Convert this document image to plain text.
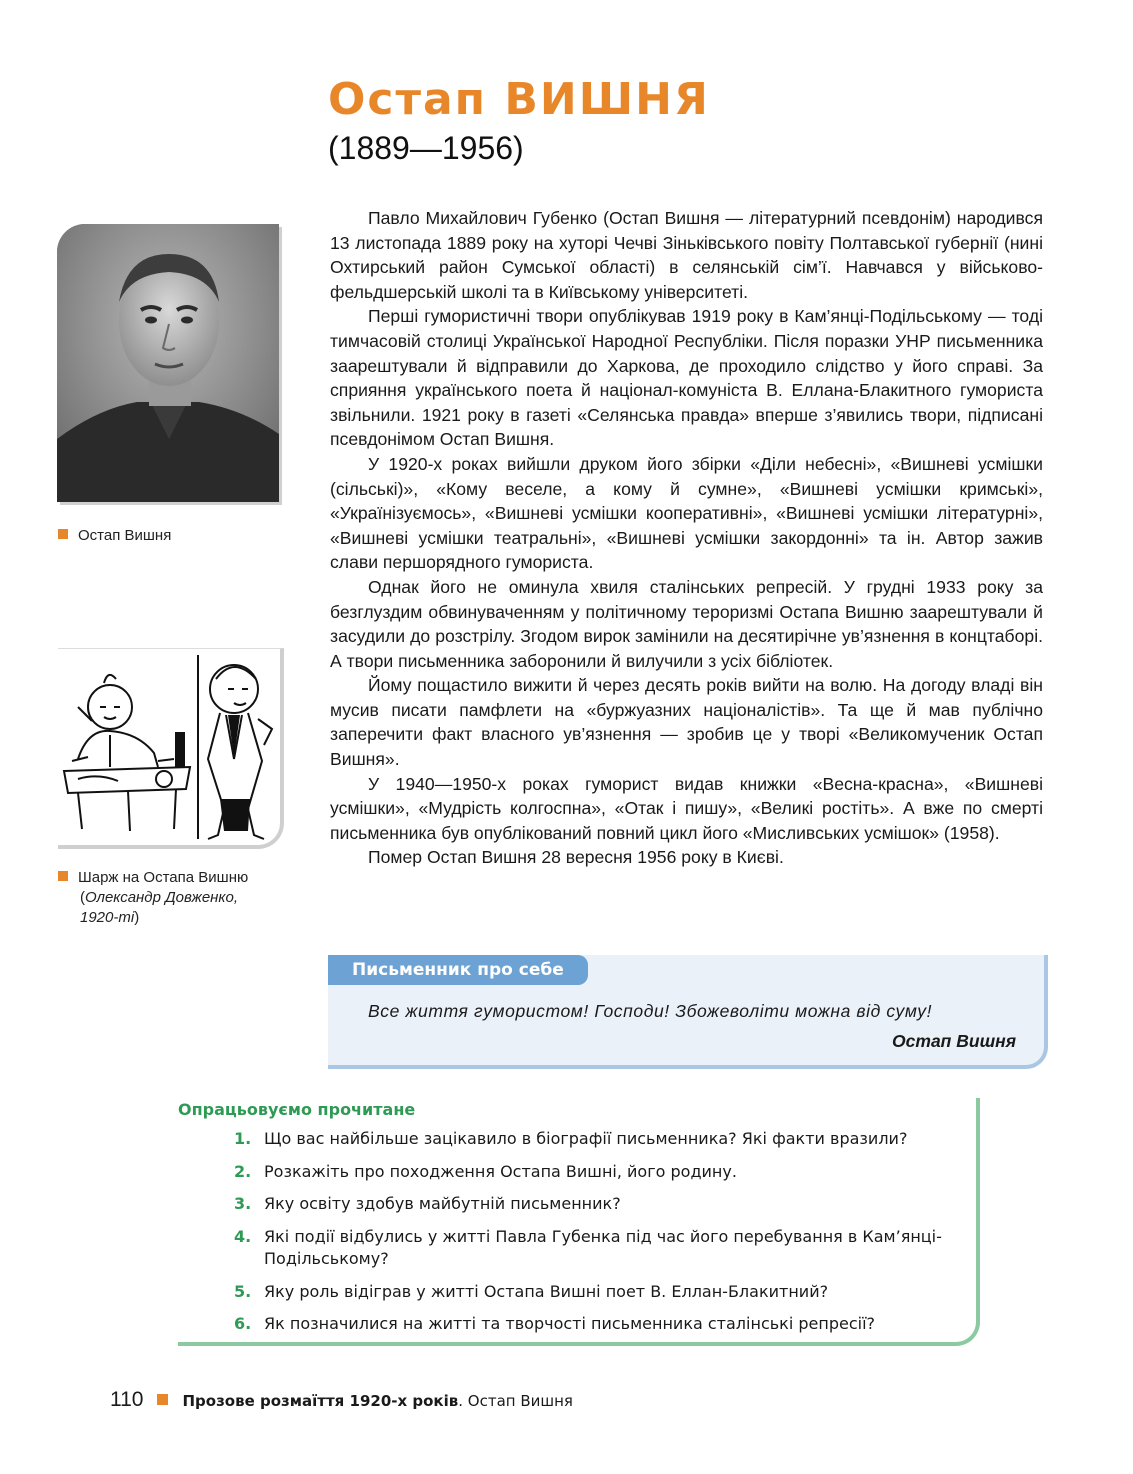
Остап ВИШНЯ
(1889—1956)
Остап Вишня
Шарж на Остапа Вишню
(Олександр Довженко, 1920-ті)

Павло Михайлович Губенко (Остап Вишня — літературний псевдонім) народився 13 листопада 1889 року на хуторі Чечві Зіньківського повіту Полтавської губернії (нині Охтирський район Сумської області) в селянській сім’ї. Навчався у військово-фельдшерській школі та в Київському університеті.

Перші гумористичні твори опублікував 1919 року в Кам’янці-Подільському — тоді тимчасовій столиці Української Народної Республіки. Після поразки УНР письменника заарештували й відправили до Харкова, де проходило слідство у його справі. За сприяння українського поета й націонал-комуніста В. Еллана-Блакитного гумориста звільнили. 1921 року в газеті «Селянська правда» вперше з’явились твори, підписані псевдонімом Остап Вишня.

У 1920-х роках вийшли друком його збірки «Діли небесні», «Вишневі усмішки (сільські)», «Кому веселе, а кому й сумне», «Вишневі усмішки кримські», «Українізуємось», «Вишневі усмішки кооперативні», «Вишневі усмішки літературні», «Вишневі усмішки театральні», «Вишневі усмішки закордонні» та ін. Автор зажив слави першорядного гумориста.

Однак його не оминула хвиля сталінських репресій. У грудні 1933 року за безглуздим обвинуваченням у політичному тероризмі Остапа Вишню заарештували й засудили до розстрілу. Згодом вирок замінили на десятирічне ув’язнення в концтаборі. А твори письменника заборонили й вилучили з усіх бібліотек.

Йому пощастило вижити й через десять років вийти на волю. На догоду владі він мусив писати памфлети на «буржуазних націоналістів». Та ще й мав публічно заперечити факт власного ув’язнення — зробив це у творі «Великомученик Остап Вишня».

У 1940—1950-х роках гуморист видав книжки «Весна-красна», «Вишневі усмішки», «Мудрість колгоспна», «Отак і пишу», «Великі ростіть». А вже по смерті письменника був опублікований повний цикл його «Мисливських усмішок» (1958).

Помер Остап Вишня 28 вересня 1956 року в Києві.

Письменник про себе
Все життя гумористом! Господи! Збожеволіти можна від суму!
Остап Вишня
Опрацьовуємо прочитане
1. Що вас найбільше зацікавило в біографії письменника? Які факти вразили?
2. Розкажіть про походження Остапа Вишні, його родину.
3. Яку освіту здобув майбутній письменник?
4. Які події відбулись у житті Павла Губенка під час його перебування в Кам’янці-Подільському?
5. Яку роль відіграв у житті Остапа Вишні поет В. Еллан-Блакитний?
6. Як позначилися на житті та творчості письменника сталінські репресії?
110	Прозове розмаїття 1920-х років. Остап Вишня
